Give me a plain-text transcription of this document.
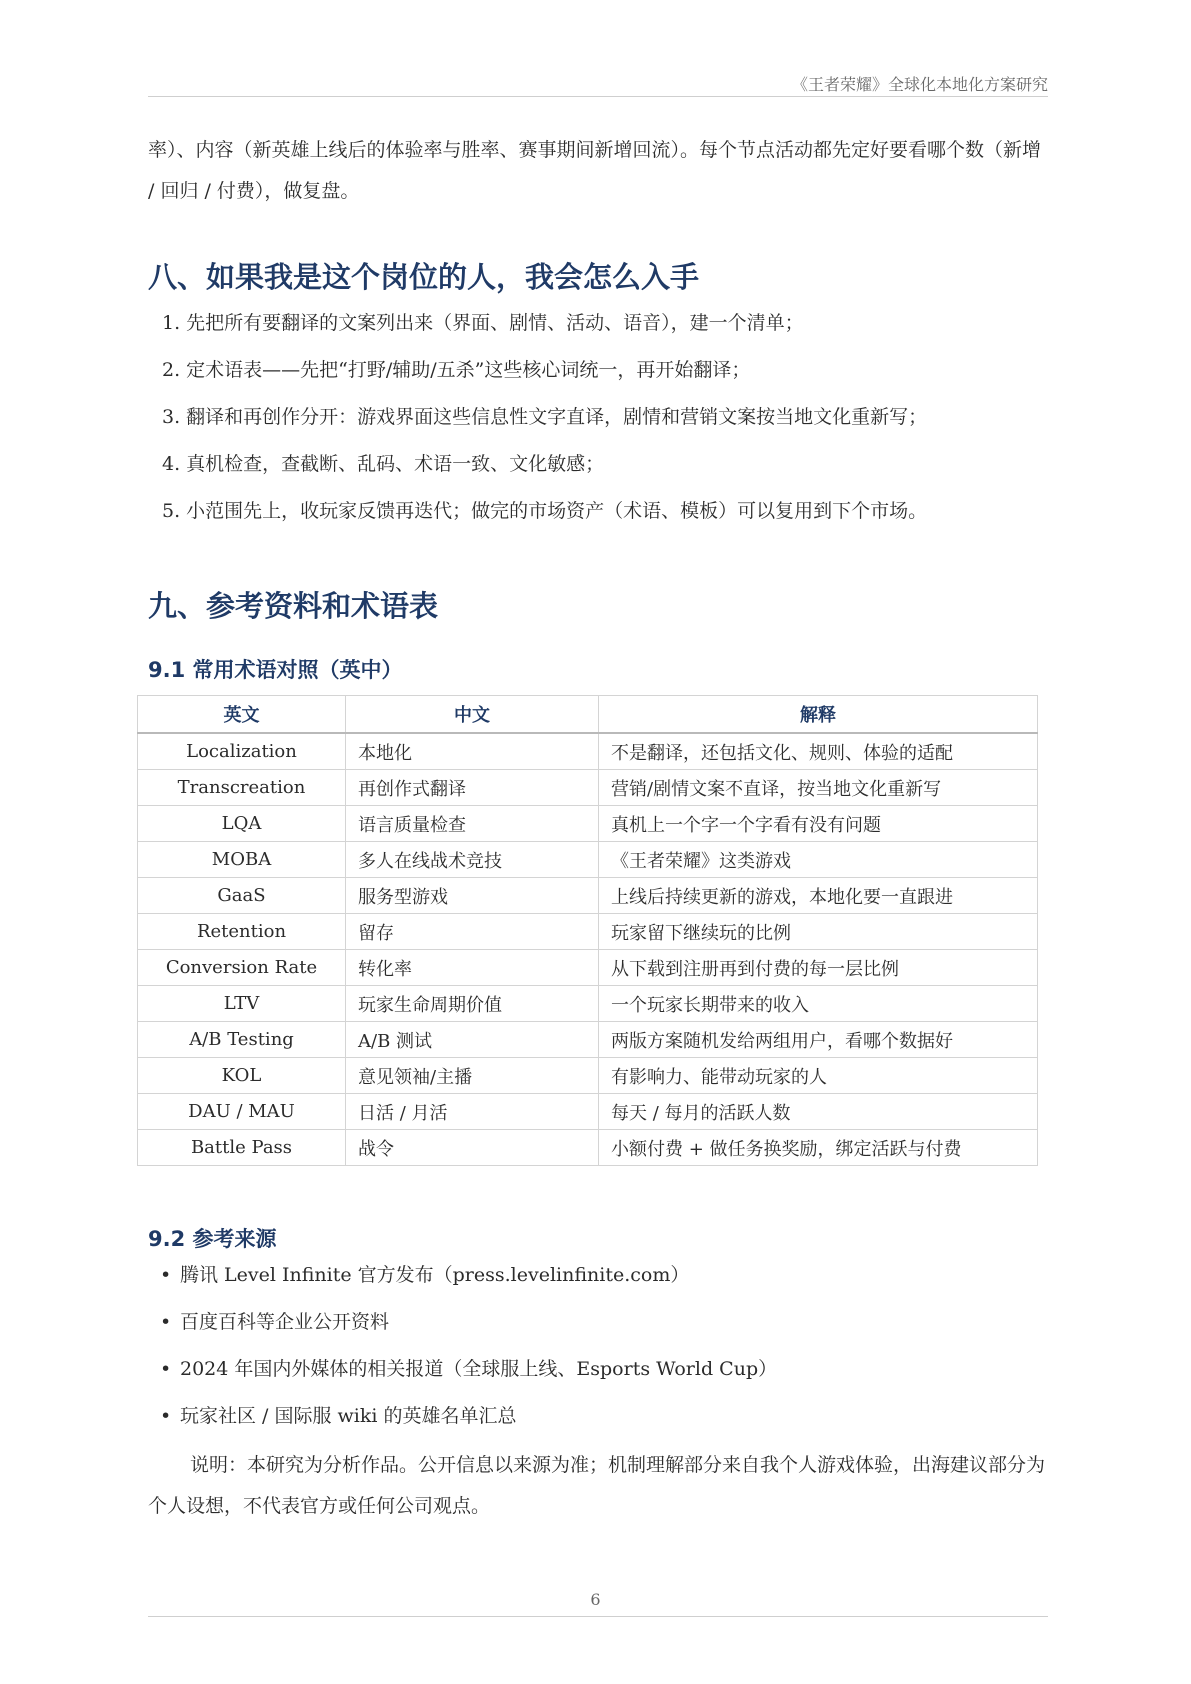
《王者荣耀》全球化本地化方案研究

率）、内容（新英雄上线后的体验率与胜率、赛事期间新增回流）。每个节点活动都先定好要看哪个数（新增 / 回归 / 付费），做复盘。

八、如果我是这个岗位的人，我会怎么入手
1. 先把所有要翻译的文案列出来（界面、剧情、活动、语音），建一个清单；
2. 定术语表——先把“打野/辅助/五杀”这些核心词统一，再开始翻译；
3. 翻译和再创作分开：游戏界面这些信息性文字直译，剧情和营销文案按当地文化重新写；
4. 真机检查，查截断、乱码、术语一致、文化敏感；
5. 小范围先上，收玩家反馈再迭代；做完的市场资产（术语、模板）可以复用到下个市场。
九、参考资料和术语表
9.1 常用术语对照（英中）
英文	中文	解释
Localization	本地化	不是翻译，还包括文化、规则、体验的适配
Transcreation	再创作式翻译	营销/剧情文案不直译，按当地文化重新写
LQA	语言质量检查	真机上一个字一个字看有没有问题
MOBA	多人在线战术竞技	《王者荣耀》这类游戏
GaaS	服务型游戏	上线后持续更新的游戏，本地化要一直跟进
Retention	留存	玩家留下继续玩的比例
Conversion Rate	转化率	从下载到注册再到付费的每一层比例
LTV	玩家生命周期价值	一个玩家长期带来的收入
A/B Testing	A/B 测试	两版方案随机发给两组用户，看哪个数据好
KOL	意见领袖/主播	有影响力、能带动玩家的人
DAU / MAU	日活 / 月活	每天 / 每月的活跃人数
Battle Pass	战令	小额付费 + 做任务换奖励，绑定活跃与付费
9.2 参考来源
• 腾讯 Level Infinite 官方发布（press.levelinfinite.com）
• 百度百科等企业公开资料
• 2024 年国内外媒体的相关报道（全球服上线、Esports World Cup）
• 玩家社区 / 国际服 wiki 的英雄名单汇总

说明：本研究为分析作品。公开信息以来源为准；机制理解部分来自我个人游戏体验，出海建议部分为个人设想，不代表官方或任何公司观点。

6
